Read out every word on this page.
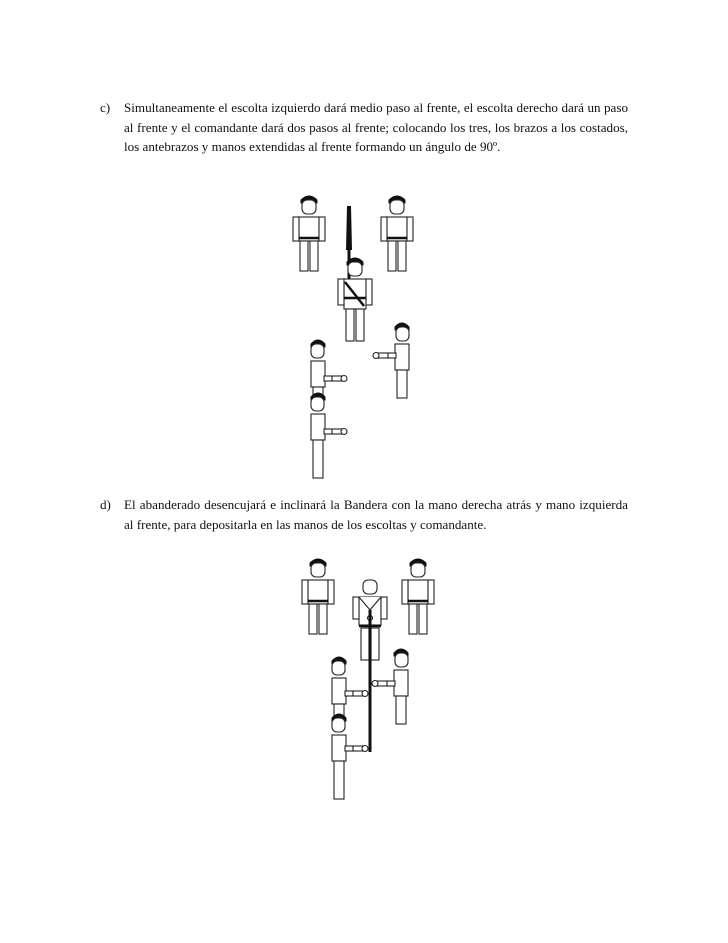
c) Simultaneamente el escolta izquierdo dará medio paso al frente, el escolta derecho dará un paso al frente y el comandante dará dos pasos al frente; colocando los tres, los brazos a los costados, los antebrazos y manos extendidas al frente formando un ángulo de 90º.
d) El abanderado desencujará e inclinará la Bandera con la mano derecha atrás y mano izquierda al frente, para depositarla en las manos de los escoltas y comandante.
